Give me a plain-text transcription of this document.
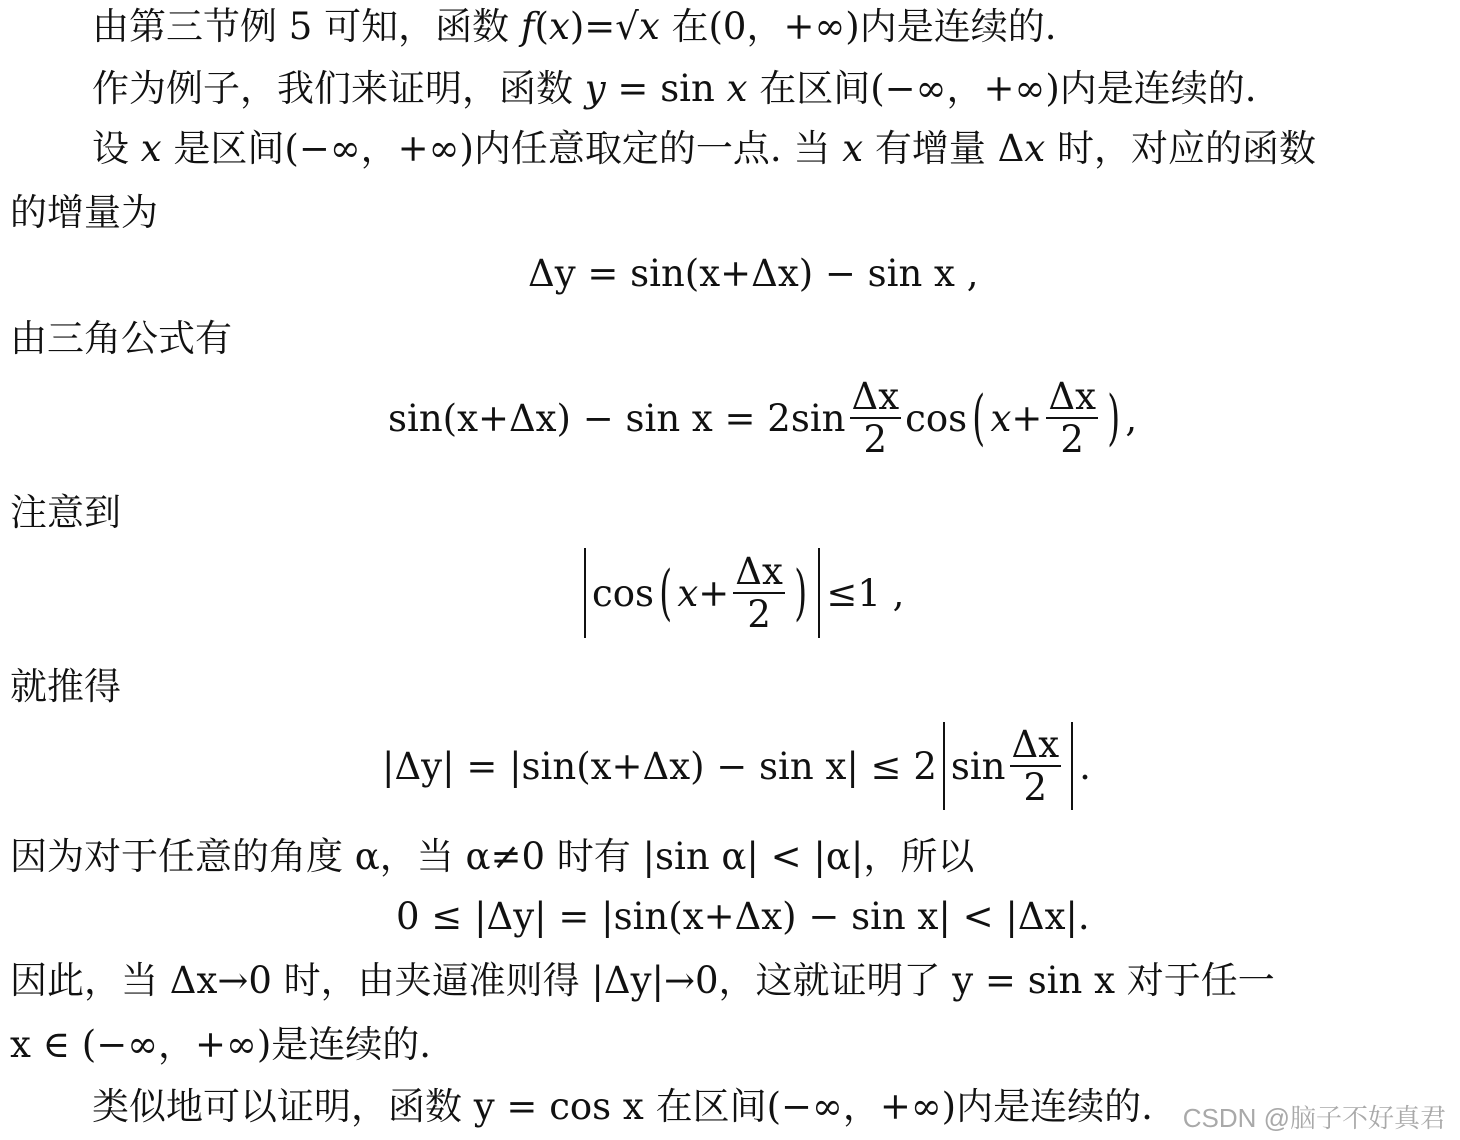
由第三节例 5 可知，函数 f(x)=√x 在(0，+∞)内是连续的.
作为例子，我们来证明，函数 y = sin x 在区间(−∞，+∞)内是连续的.
设 x 是区间(−∞，+∞)内任意取定的一点. 当 x 有增量 Δx 时，对应的函数
的增量为
Δy = sin(x+Δx) − sin x ,
由三角公式有
$\sin(x+\Delta x) - \sin x = 2\sin \frac{\Delta x}{2}$ cos ( $x+ \frac{\Delta x}{2}$ ) ,
注意到
cos ( $x+ \frac{\Delta x}{2}$ ) ≤1 ,
就推得
|Δy| = |sin(x+Δx) − sin x| ≤ 2 $\sin \frac{\Delta x}{2}$ .
因为对于任意的角度 α，当 α≠0 时有 |sin α| < |α|，所以
0 ≤ |Δy| = |sin(x+Δx) − sin x| < |Δx|.
因此，当 Δx→0 时，由夹逼准则得 |Δy|→0，这就证明了 y = sin x 对于任一
x ∈ (−∞，+∞)是连续的.
类似地可以证明，函数 y = cos x 在区间(−∞，+∞)内是连续的. CSDN @脑子不好真君
